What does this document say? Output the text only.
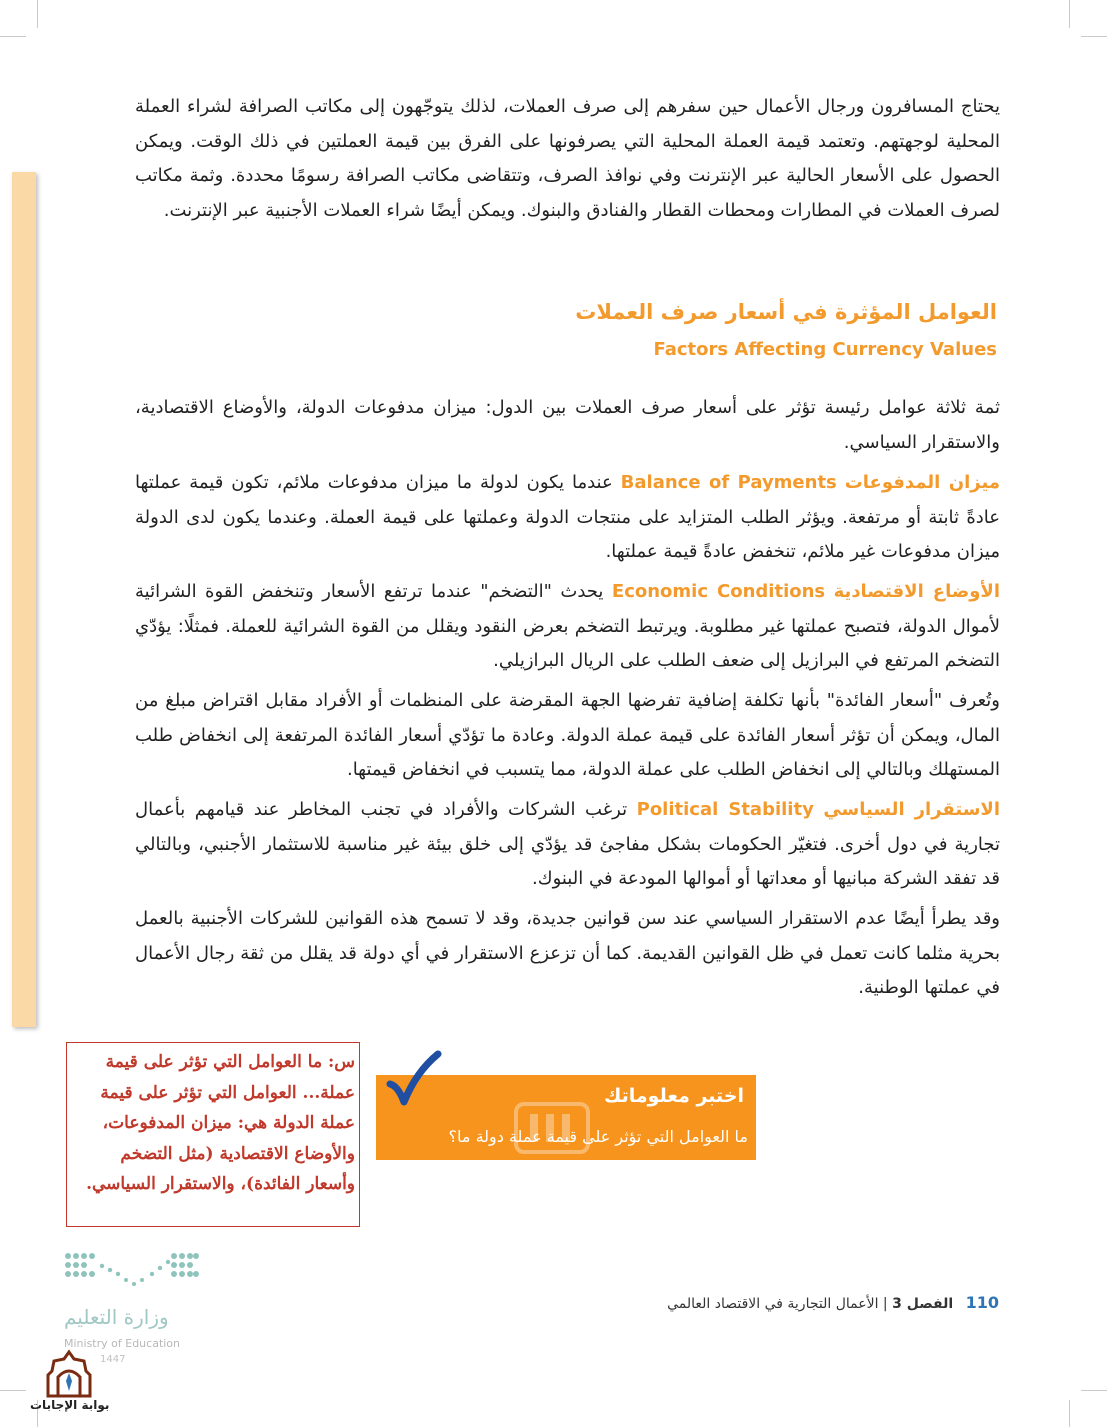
يحتاج المسافرون ورجال الأعمال حين سفرهم إلى صرف العملات، لذلك يتوجّهون إلى مكاتب الصرافة لشراء العملة المحلية لوجهتهم. وتعتمد قيمة العملة المحلية التي يصرفونها على الفرق بين قيمة العملتين في ذلك الوقت. ويمكن الحصول على الأسعار الحالية عبر الإنترنت وفي نوافذ الصرف، وتتقاضى مكاتب الصرافة رسومًا محددة. وثمة مكاتب لصرف العملات في المطارات ومحطات القطار والفنادق والبنوك. ويمكن أيضًا شراء العملات الأجنبية عبر الإنترنت.

العوامل المؤثرة في أسعار صرف العملات
Factors Affecting Currency Values

ثمة ثلاثة عوامل رئيسة تؤثر على أسعار صرف العملات بين الدول: ميزان مدفوعات الدولة، والأوضاع الاقتصادية، والاستقرار السياسي.

ميزان المدفوعات Balance of Payments عندما يكون لدولة ما ميزان مدفوعات ملائم، تكون قيمة عملتها عادةً ثابتة أو مرتفعة. ويؤثر الطلب المتزايد على منتجات الدولة وعملتها على قيمة العملة. وعندما يكون لدى الدولة ميزان مدفوعات غير ملائم، تنخفض عادةً قيمة عملتها.

الأوضاع الاقتصادية Economic Conditions يحدث "التضخم" عندما ترتفع الأسعار وتنخفض القوة الشرائية لأموال الدولة، فتصبح عملتها غير مطلوبة. ويرتبط التضخم بعرض النقود ويقلل من القوة الشرائية للعملة. فمثلًا: يؤدّي التضخم المرتفع في البرازيل إلى ضعف الطلب على الريال البرازيلي.

وتُعرف "أسعار الفائدة" بأنها تكلفة إضافية تفرضها الجهة المقرضة على المنظمات أو الأفراد مقابل اقتراض مبلغ من المال، ويمكن أن تؤثر أسعار الفائدة على قيمة عملة الدولة. وعادة ما تؤدّي أسعار الفائدة المرتفعة إلى انخفاض طلب المستهلك وبالتالي إلى انخفاض الطلب على عملة الدولة، مما يتسبب في انخفاض قيمتها.

الاستقرار السياسي Political Stability ترغب الشركات والأفراد في تجنب المخاطر عند قيامهم بأعمال تجارية في دول أخرى. فتغيّر الحكومات بشكل مفاجئ قد يؤدّي إلى خلق بيئة غير مناسبة للاستثمار الأجنبي، وبالتالي قد تفقد الشركة مبانيها أو معداتها أو أموالها المودعة في البنوك.

وقد يطرأ أيضًا عدم الاستقرار السياسي عند سن قوانين جديدة، وقد لا تسمح هذه القوانين للشركات الأجنبية بالعمل بحرية مثلما كانت تعمل في ظل القوانين القديمة. كما أن تزعزع الاستقرار في أي دولة قد يقلل من ثقة رجال الأعمال في عملتها الوطنية.

س: ما العوامل التي تؤثر على قيمة عملة... العوامل التي تؤثر على قيمة عملة الدولة هي: ميزان المدفوعات، والأوضاع الاقتصادية (مثل التضخم وأسعار الفائدة)، والاستقرار السياسي.
اختبر معلوماتك
ما العوامل التي تؤثر على قيمة عملة دولة ما؟
110 الفصل 3 | الأعمال التجارية في الاقتصاد العالمي
وزارة التعليم
Ministry of Education
1447
بوابة الإجابات
